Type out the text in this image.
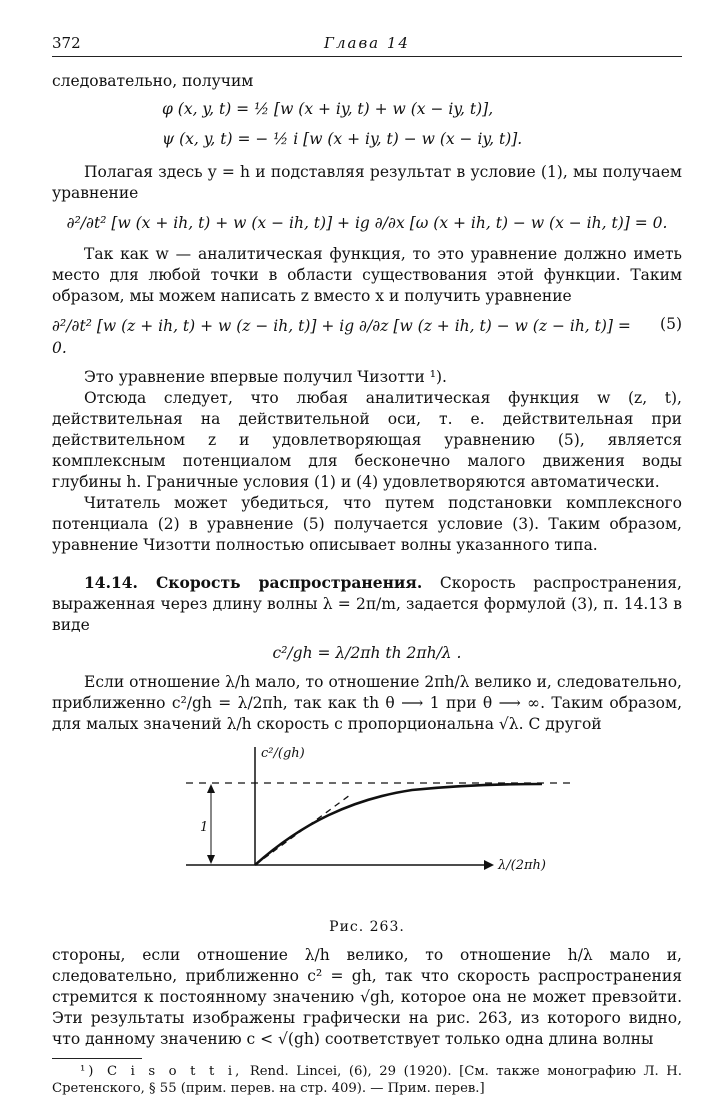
372	Глава 14

следовательно, получим

φ (x, y, t) = ½ [w (x + iy, t) + w (x − iy, t)],

ψ (x, y, t) = − ½ i [w (x + iy, t) − w (x − iy, t)].

Полагая здесь y = h и подставляя результат в условие (1), мы получаем уравнение

∂²/∂t² [w (x + ih, t) + w (x − ih, t)] + ig ∂/∂x [ω (x + ih, t) − w (x − ih, t)] = 0.

Так как w — аналитическая функция, то это уравнение должно иметь место для любой точки в области существования этой функции. Таким образом, мы можем написать z вместо x и получить уравнение

∂²/∂t² [w (z + ih, t) + w (z − ih, t)] + ig ∂/∂z [w (z + ih, t) − w (z − ih, t)] = 0.

(5)

Это уравнение впервые получил Чизотти ¹).

Отсюда следует, что любая аналитическая функция w (z, t), действительная на действительной оси, т. е. действительная при действительном z и удовлетворяющая уравнению (5), является комплексным потенциалом для бесконечно малого движения воды глубины h. Граничные условия (1) и (4) удовлетворяются автоматически.

Читатель может убедиться, что путем подстановки комплексного потенциала (2) в уравнение (5) получается условие (3). Таким образом, уравнение Чизотти полностью описывает волны указанного типа.

14.14. Скорость распространения. Скорость распространения, выраженная через длину волны λ = 2π/m, задается формулой (3), п. 14.13 в виде

c²/gh = λ/2πh th 2πh/λ .

Если отношение λ/h мало, то отношение 2πh/λ велико и, следовательно, приближенно c²/gh = λ/2πh, так как th θ ⟶ 1 при θ ⟶ ∞. Таким образом, для малых значений λ/h скорость c пропорциональна √λ. С другой

1
c²/(gh)
λ/(2πh)
Рис. 263.

стороны, если отношение λ/h велико, то отношение h/λ мало и, следовательно, приближенно c² = gh, так что скорость распространения стремится к постоянному значению √gh, которое она не может превзойти. Эти результаты изображены графически на рис. 263, из которого видно, что данному значению c < √(gh) соответствует только одна длина волны

¹) C i s o t t i, Rend. Lincei, (6), 29 (1920). [См. также монографию Л. Н. Сретенского, § 55 (прим. перев. на стр. 409). — Прим. перев.]
